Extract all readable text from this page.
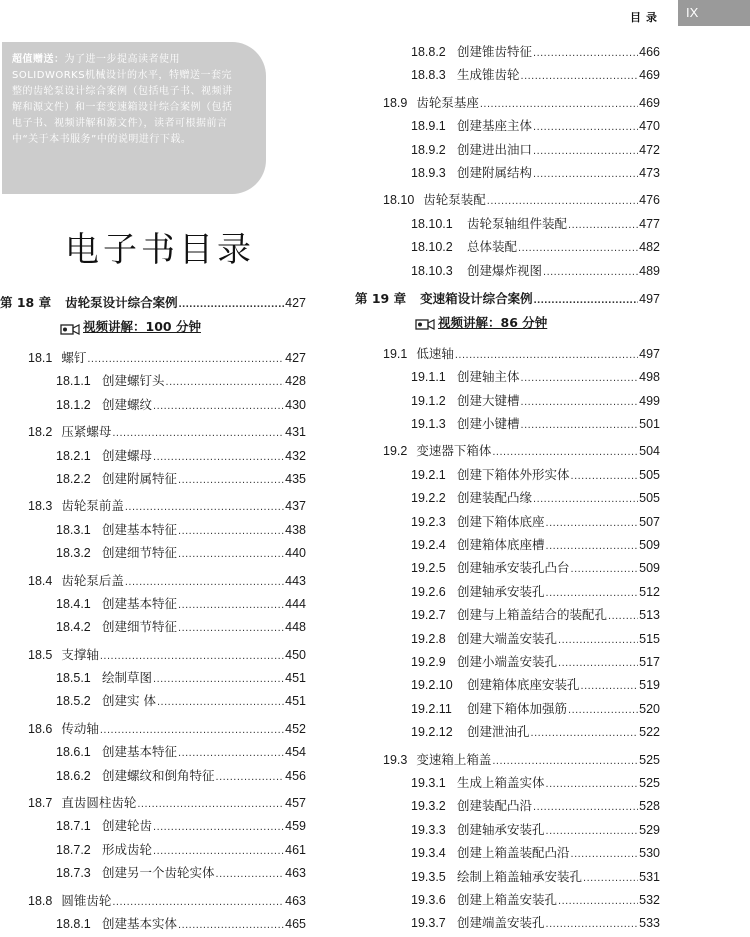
目录	IX
超值赠送：为了进一步提高读者使用SOLIDWORKS机械设计的水平，特赠送一套完整的齿轮泵设计综合案例（包括电子书、视频讲解和源文件）和一套变速箱设计综合案例（包括电子书、视频讲解和源文件），读者可根据前言中“关于本书服务”中的说明进行下载。
电子书目录
第 18 章 齿轮泵设计综合案例 .....	427
视频讲解：100 分钟
18.1 螺钉 .....	427
18.1.1 创建螺钉头 .....	428
18.1.2 创建螺纹 .....	430
18.2 压紧螺母 .....	431
18.2.1 创建螺母 .....	432
18.2.2 创建附属特征 .....	435
18.3 齿轮泵前盖 .....	437
18.3.1 创建基本特征 .....	438
18.3.2 创建细节特征 .....	440
18.4 齿轮泵后盖 .....	443
18.4.1 创建基本特征 .....	444
18.4.2 创建细节特征 .....	448
18.5 支撑轴 .....	450
18.5.1 绘制草图 .....	451
18.5.2 创建实 体 .....	451
18.6 传动轴 .....	452
18.6.1 创建基本特征 .....	454
18.6.2 创建螺纹和倒角特征 .....	456
18.7 直齿圆柱齿轮 .....	457
18.7.1 创建轮齿 .....	459
18.7.2 形成齿轮 .....	461
18.7.3 创建另一个齿轮实体 .....	463
18.8 圆锥齿轮 .....	463
18.8.1 创建基本实体 .....	465
18.8.2 创建锥齿特征 .....	466
18.8.3 生成锥齿轮 .....	469
18.9 齿轮泵基座 .....	469
18.9.1 创建基座主体 .....	470
18.9.2 创建进出油口 .....	472
18.9.3 创建附属结构 .....	473
18.10 齿轮泵装配 .....	476
18.10.1	齿轮泵轴组件装配 .....	477
18.10.2	总体装配 .....	482
18.10.3	创建爆炸视图 .....	489
第 19 章 变速箱设计综合案例 .....	497
视频讲解：86 分钟
19.1 低速轴 .....	497
19.1.1 创建轴主体 .....	498
19.1.2 创建大键槽 .....	499
19.1.3 创建小键槽 .....	501
19.2 变速器下箱体 .....	504
19.2.1 创建下箱体外形实体 .....	505
19.2.2 创建装配凸缘 .....	505
19.2.3 创建下箱体底座 .....	507
19.2.4 创建箱体底座槽 .....	509
19.2.5 创建轴承安装孔凸台 .....	509
19.2.6 创建轴承安装孔 .....	512
19.2.7 创建与上箱盖结合的装配孔 .....	513
19.2.8 创建大端盖安装孔 .....	515
19.2.9 创建小端盖安装孔 .....	517
19.2.10	创建箱体底座安装孔 .....	519
19.2.11	创建下箱体加强筋 .....	520
19.2.12	创建泄油孔 .....	522
19.3 变速箱上箱盖 .....	525
19.3.1 生成上箱盖实体 .....	525
19.3.2 创建装配凸沿 .....	528
19.3.3 创建轴承安装孔 .....	529
19.3.4 创建上箱盖装配凸沿 .....	530
19.3.5 绘制上箱盖轴承安装孔 .....	531
19.3.6 创建上箱盖安装孔 .....	532
19.3.7 创建端盖安装孔 .....	533
